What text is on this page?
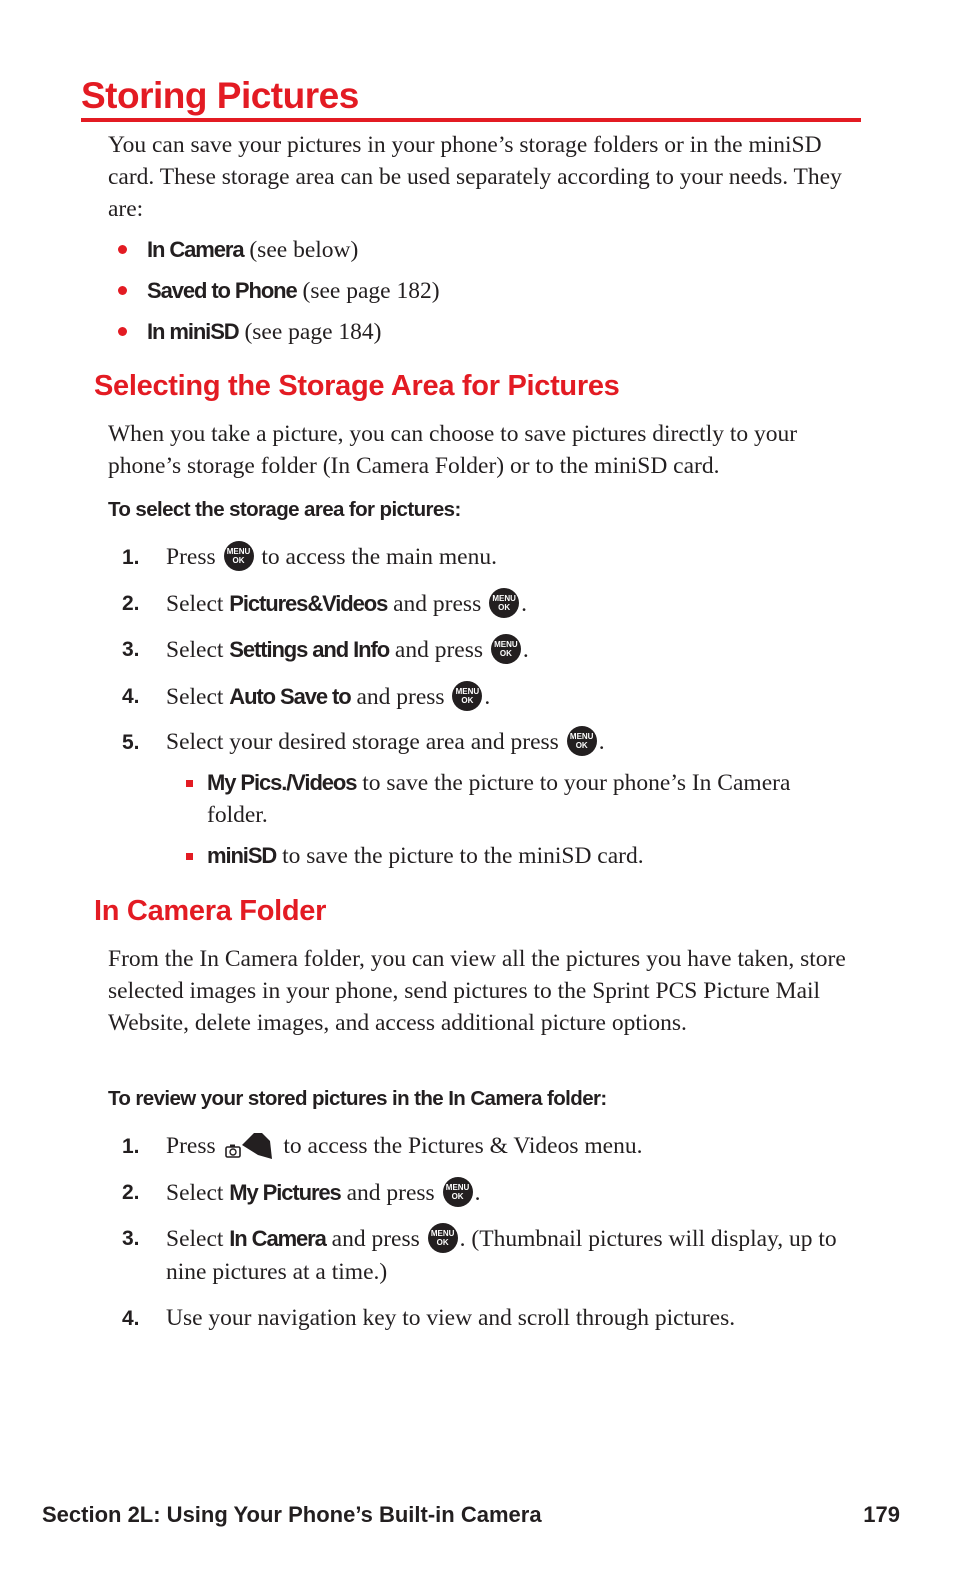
Storing Pictures
You can save your pictures in your phone’s storage folders or in the miniSD card. These storage area can be used separately according to your needs. They are:
In Camera (see below)
Saved to Phone (see page 182)
In miniSD (see page 184)
Selecting the Storage Area for Pictures
When you take a picture, you can choose to save pictures directly to your phone’s storage folder (In Camera Folder) or to the miniSD card.
To select the storage area for pictures:
1. Press MENU
OK to access the main menu.
2. Select Pictures&Videos and press MENU
OK .
3. Select Settings and Info and press MENU
OK .
4. Select Auto Save to and press MENU
OK .
5. Select your desired storage area and press MENU
OK .
My Pics./Videos to save the picture to your phone’s In Camera folder.
miniSD to save the picture to the miniSD card.
In Camera Folder
From the In Camera folder, you can view all the pictures you have taken, store selected images in your phone, send pictures to the Sprint PCS Picture Mail Website, delete images, and access additional picture options.
To review your stored pictures in the In Camera folder:
1. Press  to access the Pictures & Videos menu.
2. Select My Pictures and press MENU
OK .
3. Select In Camera and press MENU
OK . (Thumbnail pictures will display, up to nine pictures at a time.)
4. Use your navigation key to view and scroll through pictures.
Section 2L: Using Your Phone’s Built-in Camera	179
